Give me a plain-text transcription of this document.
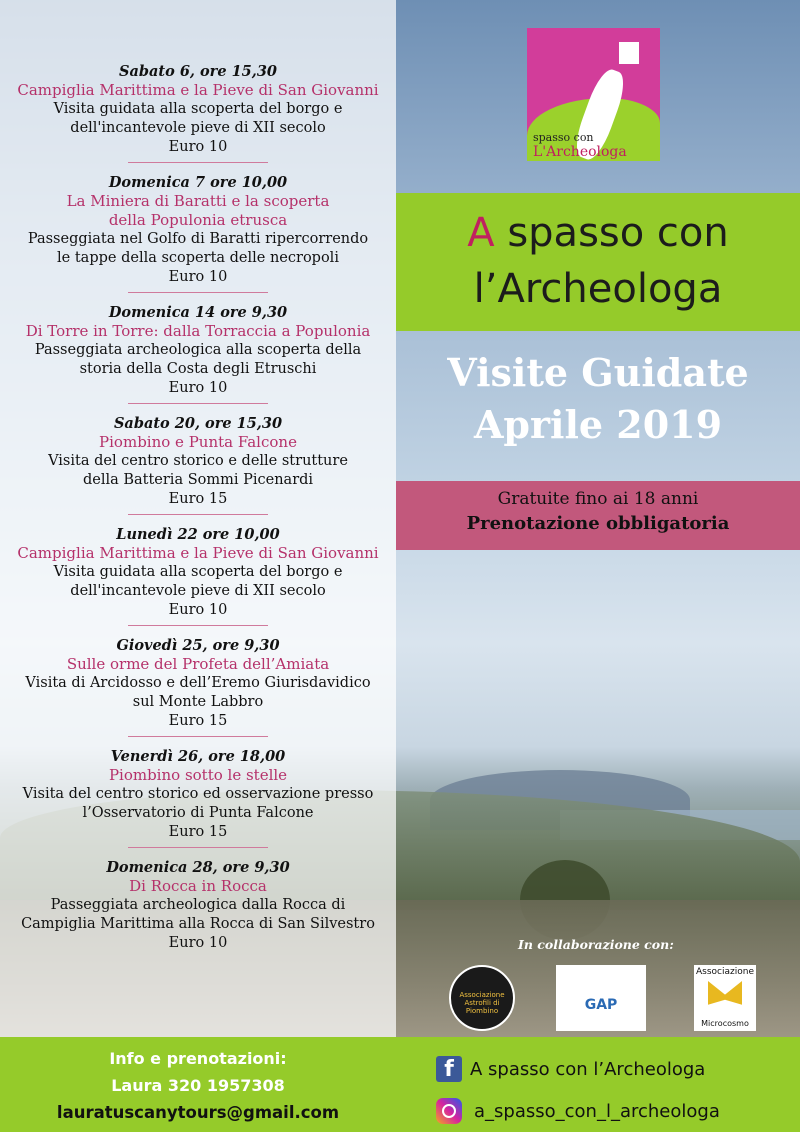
Sabato 6, ore 15,30
Campiglia Marittima e la Pieve di San Giovanni
Visita guidata alla scoperta del borgo e
dell'incantevole pieve di XII secolo
Euro 10
Domenica 7 ore 10,00
La Miniera di Baratti e la scoperta
della Populonia etrusca
Passeggiata nel Golfo di Baratti ripercorrendo
le tappe della scoperta delle necropoli
Euro 10
Domenica 14 ore 9,30
Di Torre in Torre: dalla Torraccia a Populonia
Passeggiata archeologica alla scoperta della
storia della Costa degli Etruschi
Euro 10
Sabato 20, ore 15,30
Piombino e Punta Falcone
Visita del centro storico e delle strutture
della Batteria Sommi Picenardi
Euro 15
Lunedì 22 ore 10,00
Campiglia Marittima e la Pieve di San Giovanni
Visita guidata alla scoperta del borgo e
dell'incantevole pieve di XII secolo
Euro 10
Giovedì 25, ore 9,30
Sulle orme del Profeta dell’Amiata
Visita di Arcidosso e dell’Eremo Giurisdavidico
sul Monte Labbro
Euro 15
Venerdì 26, ore 18,00
Piombino sotto le stelle
Visita del centro storico ed osservazione presso
l’Osservatorio di Punta Falcone
Euro 15
Domenica 28, ore 9,30
Di Rocca in Rocca
Passeggiata archeologica dalla Rocca di
Campiglia Marittima alla Rocca di San Silvestro
Euro 10
spasso con
L'Archeologa
A spasso con
l’Archeologa
Visite Guidate
Aprile 2019
Gratuite fino ai 18 anni
Prenotazione obbligatoria
In collaborazione con:
Associazione Astrofili di Piombino	GAP
Associazione
Microcosmo
Info e prenotazioni:
Laura 320 1957308
lauratuscanytours@gmail.com
f A spasso con l’Archeologa
a_spasso_con_l_archeologa
